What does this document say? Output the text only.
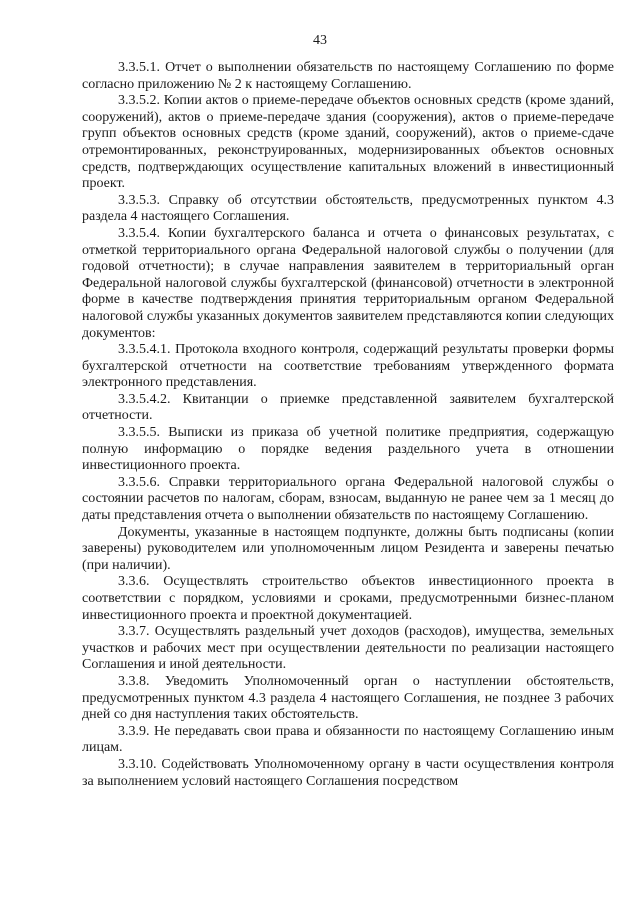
43

3.3.5.1. Отчет о выполнении обязательств по настоящему Соглашению по форме согласно приложению № 2 к настоящему Соглашению.

3.3.5.2. Копии актов о приеме-передаче объектов основных средств (кроме зданий, сооружений), актов о приеме-передаче здания (сооружения), актов о приеме-передаче групп объектов основных средств (кроме зданий, сооружений), актов о приеме-сдаче отремонтированных, реконструированных, модернизированных объектов основных средств, подтверждающих осуществление капитальных вложений в инвестиционный проект.

3.3.5.3. Справку об отсутствии обстоятельств, предусмотренных пунктом 4.3 раздела 4 настоящего Соглашения.

3.3.5.4. Копии бухгалтерского баланса и отчета о финансовых результатах, с отметкой территориального органа Федеральной налоговой службы о получении (для годовой отчетности); в случае направления заявителем в территориальный орган Федеральной налоговой службы бухгалтерской (финансовой) отчетности в электронной форме в качестве подтверждения принятия территориальным органом Федеральной налоговой службы указанных документов заявителем представляются копии следующих документов:

3.3.5.4.1. Протокола входного контроля, содержащий результаты проверки формы бухгалтерской отчетности на соответствие требованиям утвержденного формата электронного представления.

3.3.5.4.2. Квитанции о приемке представленной заявителем бухгалтерской отчетности.

3.3.5.5. Выписки из приказа об учетной политике предприятия, содержащую полную информацию о порядке ведения раздельного учета в отношении инвестиционного проекта.

3.3.5.6. Справки территориального органа Федеральной налоговой службы о состоянии расчетов по налогам, сборам, взносам, выданную не ранее чем за 1 месяц до даты представления отчета о выполнении обязательств по настоящему Соглашению.

Документы, указанные в настоящем подпункте, должны быть подписаны (копии заверены) руководителем или уполномоченным лицом Резидента и заверены печатью (при наличии).

3.3.6. Осуществлять строительство объектов инвестиционного проекта в соответствии с порядком, условиями и сроками, предусмотренными бизнес-планом инвестиционного проекта и проектной документацией.

3.3.7. Осуществлять раздельный учет доходов (расходов), имущества, земельных участков и рабочих мест при осуществлении деятельности по реализации настоящего Соглашения и иной деятельности.

3.3.8. Уведомить Уполномоченный орган о наступлении обстоятельств, предусмотренных пунктом 4.3 раздела 4 настоящего Соглашения, не позднее 3 рабочих дней со дня наступления таких обстоятельств.

3.3.9. Не передавать свои права и обязанности по настоящему Соглашению иным лицам.

3.3.10. Содействовать Уполномоченному органу в части осуществления контроля за выполнением условий настоящего Соглашения посредством
